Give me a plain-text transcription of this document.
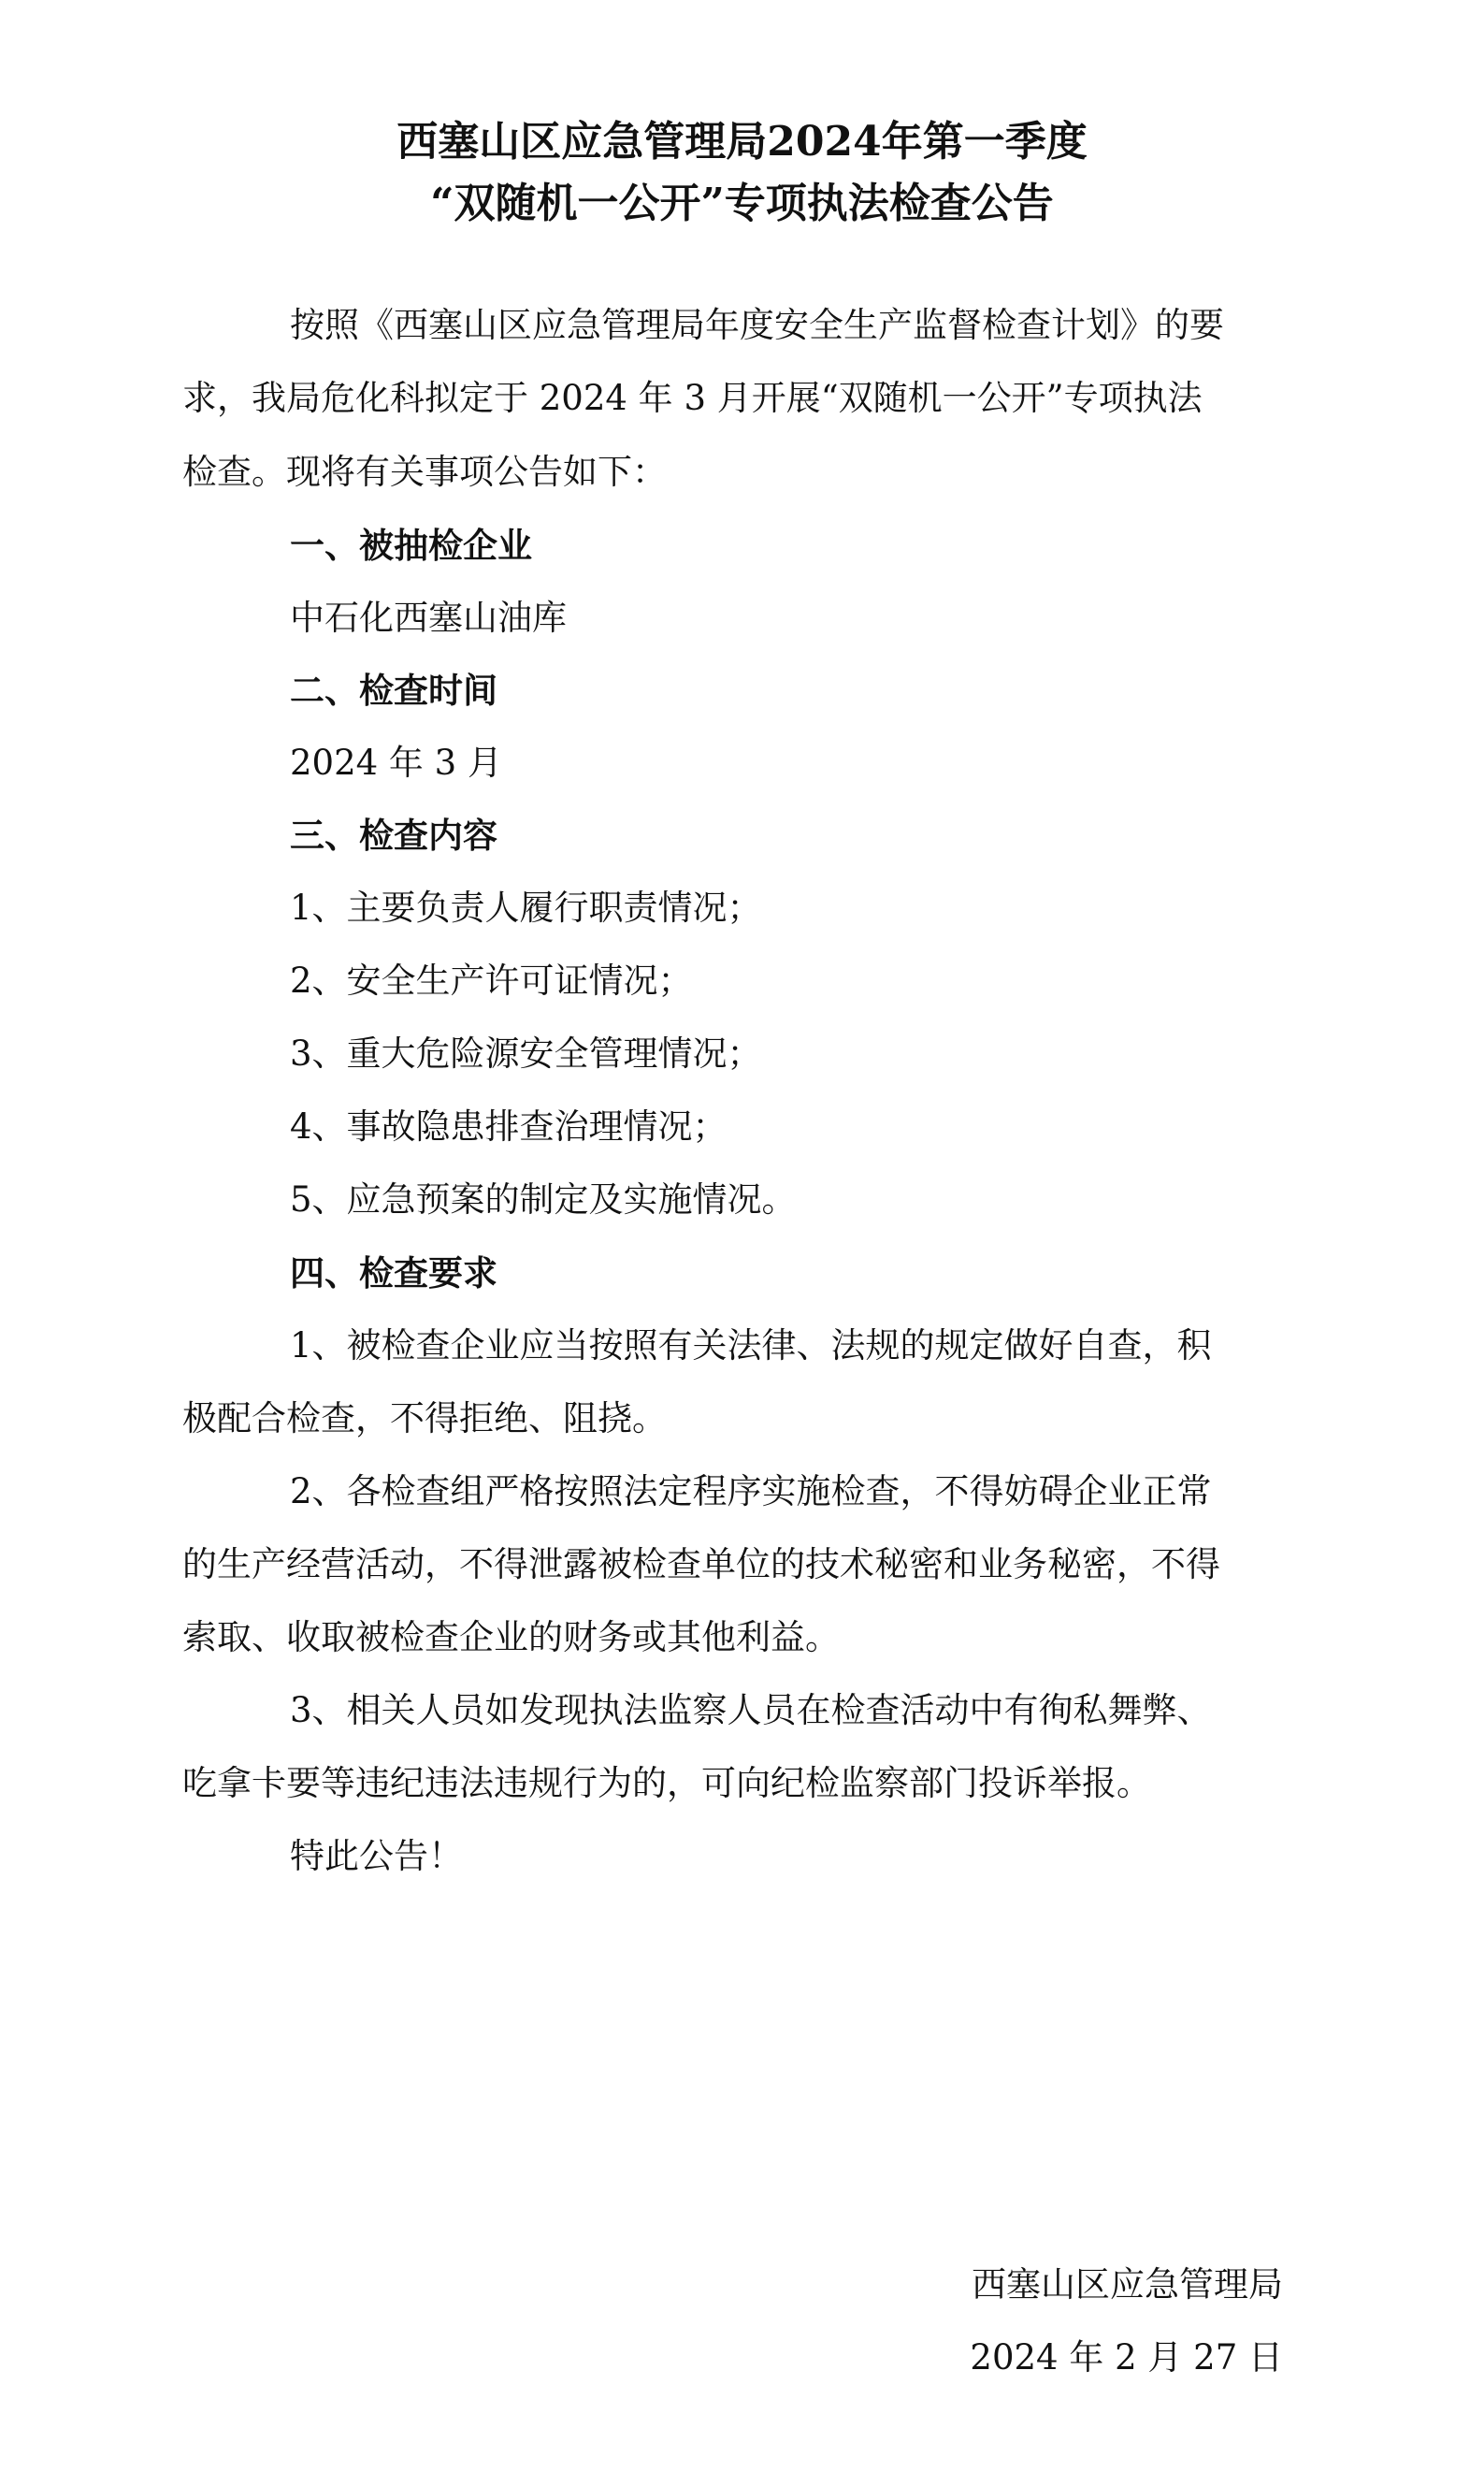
西塞山区应急管理局2024年第一季度
“双随机一公开”专项执法检查公告
按照《西塞山区应急管理局年度安全生产监督检查计划》的要
求，我局危化科拟定于 2024 年 3 月开展“双随机一公开”专项执法
检查。现将有关事项公告如下：
一、被抽检企业
中石化西塞山油库
二、检查时间
2024 年 3 月
三、检查内容
1、主要负责人履行职责情况；
2、安全生产许可证情况；
3、重大危险源安全管理情况；
4、事故隐患排查治理情况；
5、应急预案的制定及实施情况。
四、检查要求
1、被检查企业应当按照有关法律、法规的规定做好自查，积
极配合检查，不得拒绝、阻挠。
2、各检查组严格按照法定程序实施检查，不得妨碍企业正常
的生产经营活动，不得泄露被检查单位的技术秘密和业务秘密，不得
索取、收取被检查企业的财务或其他利益。
3、相关人员如发现执法监察人员在检查活动中有徇私舞弊、
吃拿卡要等违纪违法违规行为的，可向纪检监察部门投诉举报。
特此公告！
西塞山区应急管理局
2024 年 2 月 27 日
